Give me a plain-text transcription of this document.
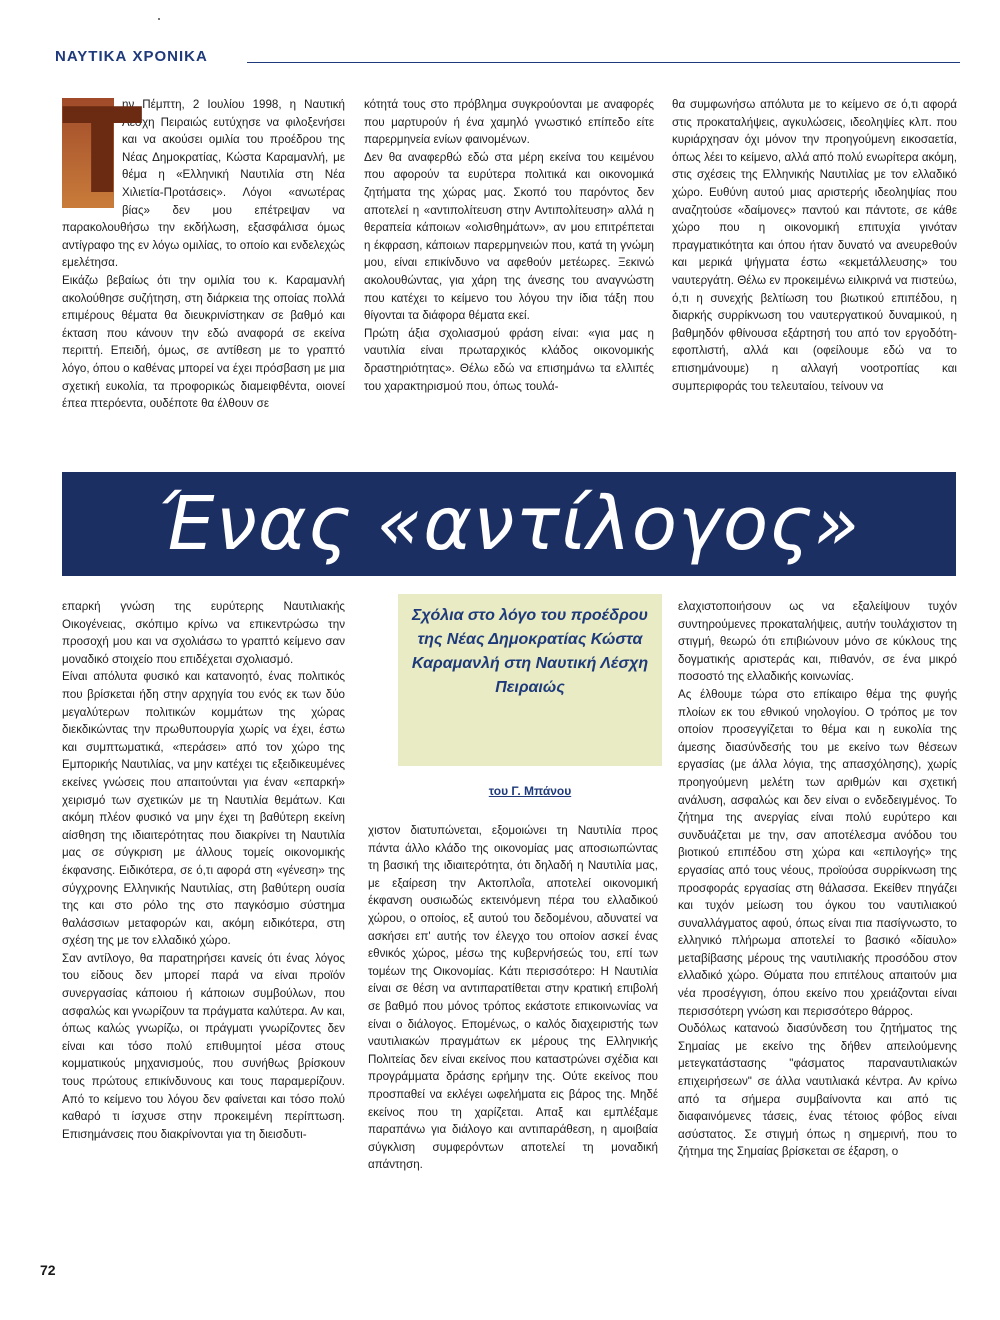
ΝΑΥΤΙΚΑ ΧΡΟΝΙΚΑ
Τ

ην Πέμπτη, 2 Ιουλίου 1998, η Ναυτική Λέσχη Πειραιώς ευτύχησε να φιλοξενήσει και να ακούσει ομιλία του προέδρου της Νέας Δημοκρατίας, Κώστα Καραμανλή, με θέμα η «Ελληνική Ναυτιλία στη Νέα Χιλιετία-Προτάσεις». Λόγοι «ανωτέρας βίας» δεν μου επέτρεψαν να παρακολουθήσω την εκδήλωση, εξασφάλισα όμως αντίγραφο της εν λόγω ομιλίας, το οποίο και ενδελεχώς εμελέτησα.

Εικάζω βεβαίως ότι την ομιλία του κ. Καραμανλή ακολούθησε συζήτηση, στη διάρκεια της οποίας πολλά επιμέρους θέματα θα διευκρινίστηκαν σε βαθμό και έκταση που κάνουν την εδώ αναφορά σε εκείνα περιττή. Επειδή, όμως, σε αντίθεση με το γραπτό λόγο, όπου ο καθένας μπορεί να έχει πρόσβαση με μια σχετική ευκολία, τα προφορικώς διαμειφθέντα, οιονεί έπεα πτερόεντα, ουδέποτε θα έλθουν σε

κότητά τους στο πρόβλημα συγκρούονται με αναφορές που μαρτυρούν ή ένα χαμηλό γνωστικό επίπεδο είτε παρερμηνεία ενίων φαινομένων.

Δεν θα αναφερθώ εδώ στα μέρη εκείνα του κειμένου που αφορούν τα ευρύτερα πολιτικά και οικονομικά ζητήματα της χώρας μας. Σκοπό του παρόντος δεν αποτελεί η «αντιπολίτευση στην Αντιπολίτευση» αλλά η θεραπεία κάποιων «ολισθημάτων», αν μου επιτρέπεται η έκφραση, κάποιων παρερμηνειών που, κατά τη γνώμη μου, είναι επικίνδυνο να αφεθούν μετέωρες. Ξεκινώ ακολουθώντας, για χάρη της άνεσης του αναγνώστη που κατέχει το κείμενο του λόγου την ίδια τάξη που θίγονται τα διάφορα θέματα εκεί.

Πρώτη άξια σχολιασμού φράση είναι: «για μας η ναυτιλία είναι πρωταρχικός κλάδος οικονομικής δραστηριότητας». Θέλω εδώ να επισημάνω τα ελλιπές του χαρακτηρισμού που, όπως τουλά-

θα συμφωνήσω απόλυτα με το κείμενο σε ό,τι αφορά στις προκαταλήψεις, αγκυλώσεις, ιδεοληψίες κλπ. που κυριάρχησαν όχι μόνον την προηγούμενη εικοσαετία, όπως λέει το κείμενο, αλλά από πολύ ενωρίτερα ακόμη, στις σχέσεις της Ελληνικής Ναυτιλίας με τον ελλαδικό χώρο. Ευθύνη αυτού μιας αριστερής ιδεοληψίας που αναζητούσε «δαίμονες» παντού και πάντοτε, σε κάθε χώρο που η οικονομική επιτυχία γινόταν πραγματικότητα και όπου ήταν δυνατό να ανευρεθούν και μερικά ψήγματα έστω «εκμετάλλευσης» του ναυτεργάτη. Θέλω εν προκειμένω ειλικρινά να πιστεύω, ό,τι η συνεχής βελτίωση του βιωτικού επιπέδου, η διαρκής συρρίκνωση του ναυτεργατικού δυναμικού, η βαθμηδόν φθίνουσα εξάρτησή του από τον εργοδότη-εφοπλιστή, αλλά και (οφείλουμε εδώ να το επισημάνουμε) η αλλαγή νοοτροπίας και συμπεριφοράς του τελευταίου, τείνουν να

Ένας «αντίλογος»

επαρκή γνώση της ευρύτερης Ναυτιλιακής Οικογένειας, σκόπιμο κρίνω να επικεντρώσω την προσοχή μου και να σχολιάσω το γραπτό κείμενο σαν μοναδικό στοιχείο που επιδέχεται σχολιασμό.

Είναι απόλυτα φυσικό και κατανοητό, ένας πολιτικός που βρίσκεται ήδη στην αρχηγία του ενός εκ των δύο μεγαλύτερων πολιτικών κομμάτων της χώρας διεκδικώντας την πρωθυπουργία χωρίς να έχει, έστω και συμπτωματικά, «περάσει» από τον χώρο της Εμπορικής Ναυτιλίας, να μην κατέχει τις εξειδικευμένες εκείνες γνώσεις που απαιτούνται για έναν «επαρκή» χειρισμό των σχετικών με τη Ναυτιλία θεμάτων. Και ακόμη πλέον φυσικό να μην έχει τη βαθύτερη εκείνη αίσθηση της ιδιαιτερότητας που διακρίνει τη Ναυτιλία μας σε σύγκριση με άλλους τομείς οικονομικής έκφανσης. Ειδικότερα, σε ό,τι αφορά στη «γένεση» της σύγχρονης Ελληνικής Ναυτιλίας, στη βαθύτερη ουσία της και στο ρόλο της στο παγκόσμιο σύστημα θαλάσσιων μεταφορών και, ακόμη ειδικότερα, στη σχέση της με τον ελλαδικό χώρο.

Σαν αντίλογο, θα παρατηρήσει κανείς ότι ένας λόγος του είδους δεν μπορεί παρά να είναι προϊόν συνεργασίας κάποιου ή κάποιων συμβούλων, που ασφαλώς και γνωρίζουν τα πράγματα καλύτερα. Αν και, όπως καλώς γνωρίζω, οι πράγματι γνωρίζοντες δεν είναι και τόσο πολύ επιθυμητοί μέσα στους κομματικούς μηχανισμούς, που συνήθως βρίσκουν τους πρώτους επικίνδυνους και τους παραμερίζουν. Από το κείμενο του λόγου δεν φαίνεται και τόσο πολύ καθαρό τι ίσχυσε στην προκειμένη περίπτωση. Επισημάνσεις που διακρίνονται για τη διεισδυτι-

Σχόλια στο λόγο του προέδρου της Νέας Δημοκρατίας Κώστα Καραμανλή στη Ναυτική Λέσχη Πειραιώς
του Γ. Μπάνου

χιστον διατυπώνεται, εξομοιώνει τη Ναυτιλία προς πάντα άλλο κλάδο της οικονομίας μας αποσιωπώντας τη βασική της ιδιαιτερότητα, ότι δηλαδή η Ναυτιλία μας, με εξαίρεση την Ακτοπλοΐα, αποτελεί οικονομική έκφανση ουσιωδώς εκτεινόμενη πέρα του ελλαδικού χώρου, ο οποίος, εξ αυτού του δεδομένου, αδυνατεί να ασκήσει επ' αυτής τον έλεγχο του οποίον ασκεί ένας εθνικός χώρος, μέσω της κυβερνήσεώς του, επί των τομέων της Οικονομίας. Κάτι περισσότερο: Η Ναυτιλία είναι σε θέση να αντιπαρατίθεται στην κρατική επιβολή σε βαθμό που μόνος τρόπος εκάστοτε επικοινωνίας να είναι ο διάλογος. Επομένως, ο καλός διαχειριστής των ναυτιλιακών πραγμάτων εκ μέρους της Ελληνικής Πολιτείας δεν είναι εκείνος που καταστρώνει σχέδια και προγράμματα δράσης ερήμην της. Ούτε εκείνος που προσπαθεί να εκλέγει ωφελήματα εις βάρος της. Μηδέ εκείνος που τη χαρίζεται. Απαξ και εμπλέξαμε παραπάνω για διάλογο και αντιπαράθεση, η αμοιβαία σύγκλιση συμφερόντων αποτελεί τη μοναδική απάντηση.

ελαχιστοποιήσουν ως να εξαλείψουν τυχόν συντηρούμενες προκαταλήψεις, αυτήν τουλάχιστον τη στιγμή, θεωρώ ότι επιβιώνουν μόνο σε κύκλους της δογματικής αριστεράς και, πιθανόν, σε ένα μικρό ποσοστό της ελλαδικής κοινωνίας.

Ας έλθουμε τώρα στο επίκαιρο θέμα της φυγής πλοίων εκ του εθνικού νηολογίου. Ο τρόπος με τον οποίον προσεγγίζεται το θέμα και η ευκολία της άμεσης διασύνδεσής του με εκείνο των θέσεων εργασίας (με άλλα λόγια, της απασχόλησης), χωρίς προηγούμενη μελέτη των αριθμών και σχετική ανάλυση, ασφαλώς και δεν είναι ο ενδεδειγμένος. Το ζήτημα της ανεργίας είναι πολύ ευρύτερο και συνδυάζεται με την, σαν αποτέλεσμα ανόδου του βιοτικού επιπέδου στη χώρα και «επιλογής» της εργασίας από τους νέους, προϊούσα συρρίκνωση της προσφοράς εργασίας στη θάλασσα. Εκείθεν πηγάζει και τυχόν μείωση του όγκου του ναυτιλιακού συναλλάγματος αφού, όπως είναι πια πασίγνωστο, το ελληνικό πλήρωμα αποτελεί το βασικό «δίαυλο» μεταβίβασης μέρους της ναυτιλιακής προσόδου στον ελλαδικό χώρο. Θύματα που επιτέλους απαιτούν μια νέα προσέγγιση, όπου εκείνο που χρειάζονται είναι περισσότερη γνώση και περισσότερο θάρρος.

Ουδόλως κατανοώ διασύνδεση του ζητήματος της Σημαίας με εκείνο της δήθεν απειλούμενης μετεγκατάστασης "φάσματος παραναυτιλιακών επιχειρήσεων" σε άλλα ναυτιλιακά κέντρα. Αν κρίνω από τα σήμερα συμβαίνοντα και από τις διαφαινόμενες τάσεις, ένας τέτοιος φόβος είναι ασύστατος. Σε στιγμή όπως η σημερινή, που το ζήτημα της Σημαίας βρίσκεται σε έξαρση, ο

72
